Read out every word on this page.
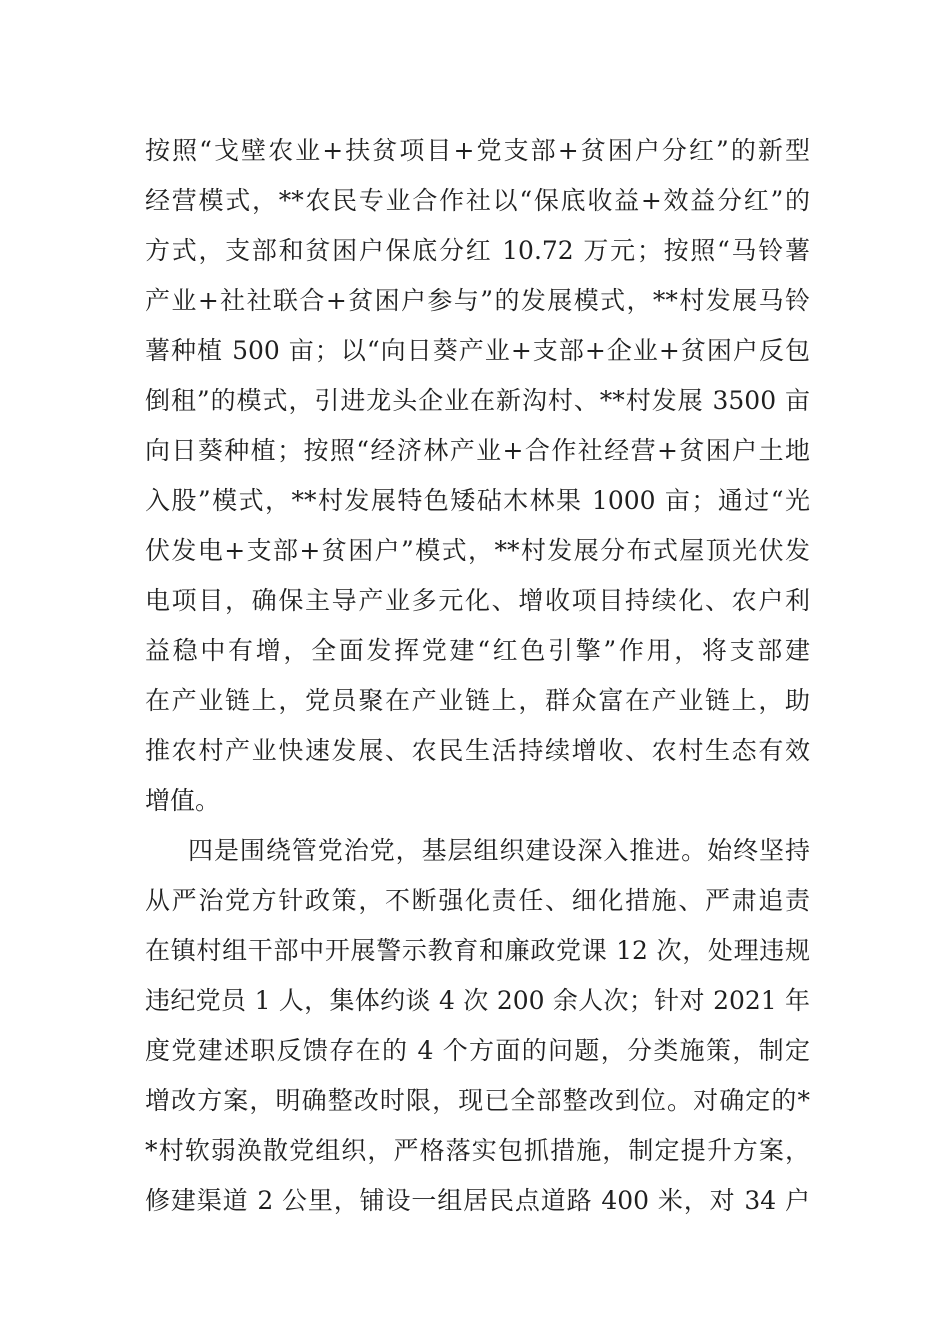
按照“戈壁农业+扶贫项目+党支部+贫困户分红”的新型

经营模式，**农民专业合作社以“保底收益+效益分红”的

方式，支部和贫困户保底分红 10.72 万元；按照“马铃薯

产业+社社联合+贫困户参与”的发展模式，**村发展马铃

薯种植 500 亩；以“向日葵产业+支部+企业+贫困户反包

倒租”的模式，引进龙头企业在新沟村、**村发展 3500 亩

向日葵种植；按照“经济林产业+合作社经营+贫困户土地

入股”模式，**村发展特色矮砧木林果 1000 亩；通过“光

伏发电+支部+贫困户”模式，**村发展分布式屋顶光伏发

电项目，确保主导产业多元化、增收项目持续化、农户利

益稳中有增，全面发挥党建“红色引擎”作用，将支部建

在产业链上，党员聚在产业链上，群众富在产业链上，助

推农村产业快速发展、农民生活持续增收、农村生态有效

增值。

四是围绕管党治党，基层组织建设深入推进。始终坚持

从严治党方针政策，不断强化责任、细化措施、严肃追责

在镇村组干部中开展警示教育和廉政党课 12 次，处理违规

违纪党员 1 人，集体约谈 4 次 200 余人次；针对 2021 年

度党建述职反馈存在的 4 个方面的问题，分类施策，制定

增改方案，明确整改时限，现已全部整改到位。对确定的*

*村软弱涣散党组织，严格落实包抓措施，制定提升方案，

修建渠道 2 公里，铺设一组居民点道路 400 米，对 34 户
